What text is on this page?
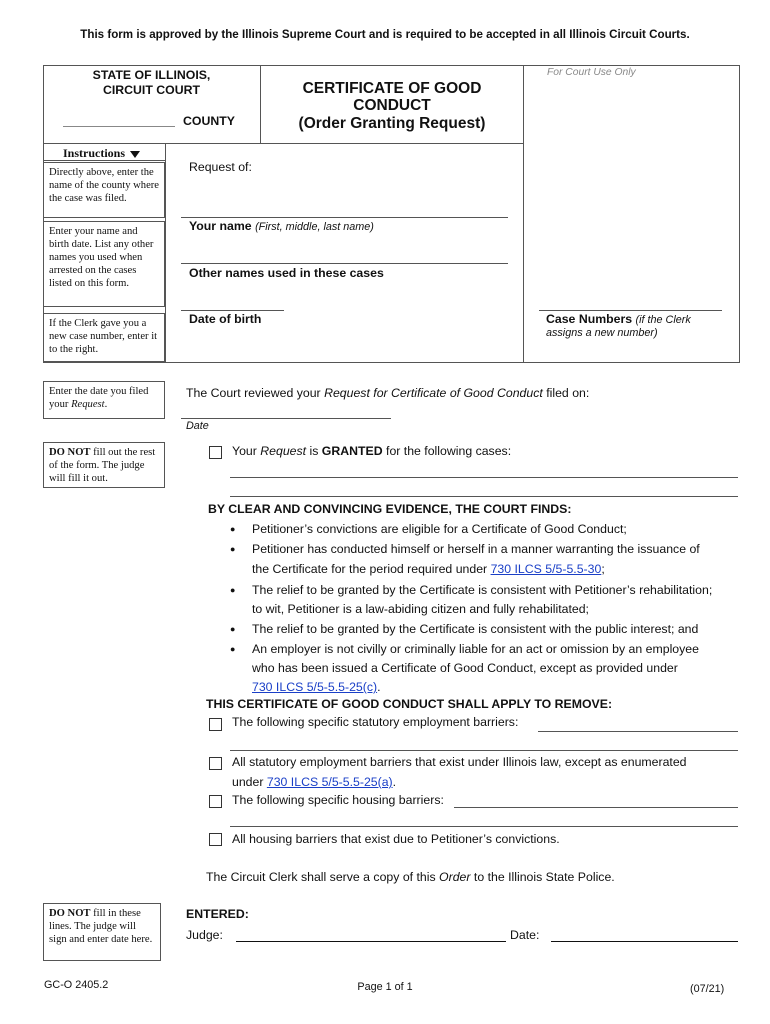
This form is approved by the Illinois Supreme Court and is required to be accepted in all Illinois Circuit Courts.
STATE OF ILLINOIS,
CIRCUIT COURT
COUNTY
CERTIFICATE OF GOOD
CONDUCT
(Order Granting Request)
For Court Use Only
Instructions
Directly above, enter the name of the county where the case was filed.
Enter your name and birth date. List any other names you used when arrested on the cases listed on this form.
If the Clerk gave you a new case number, enter it to the right.
Enter the date you filed your Request.
DO NOT fill out the rest of the form. The judge will fill it out.
DO NOT fill in these lines. The judge will sign and enter date here.
Request of:
Your name (First, middle, last name)
Other names used in these cases
Date of birth	Case Numbers (if the Clerk
assigns a new number)
The Court reviewed your Request for Certificate of Good Conduct filed on:
Date
Your Request is GRANTED for the following cases:
BY CLEAR AND CONVINCING EVIDENCE, THE COURT FINDS:
●	Petitioner’s convictions are eligible for a Certificate of Good Conduct;
●	Petitioner has conducted himself or herself in a manner warranting the issuance of
the Certificate for the period required under 730 ILCS 5/5-5.5-30;
●	The relief to be granted by the Certificate is consistent with Petitioner’s rehabilitation;
to wit, Petitioner is a law-abiding citizen and fully rehabilitated;
●	The relief to be granted by the Certificate is consistent with the public interest; and
●	An employer is not civilly or criminally liable for an act or omission by an employee
who has been issued a Certificate of Good Conduct, except as provided under
730 ILCS 5/5-5.5-25(c).
THIS CERTIFICATE OF GOOD CONDUCT SHALL APPLY TO REMOVE:
The following specific statutory employment barriers:
All statutory employment barriers that exist under Illinois law, except as enumerated
under 730 ILCS 5/5-5.5-25(a).
The following specific housing barriers:
All housing barriers that exist due to Petitioner’s convictions.
The Circuit Clerk shall serve a copy of this Order to the Illinois State Police.
ENTERED:
Judge:	Date:
GC-O 2405.2	Page 1 of 1	(07/21)
